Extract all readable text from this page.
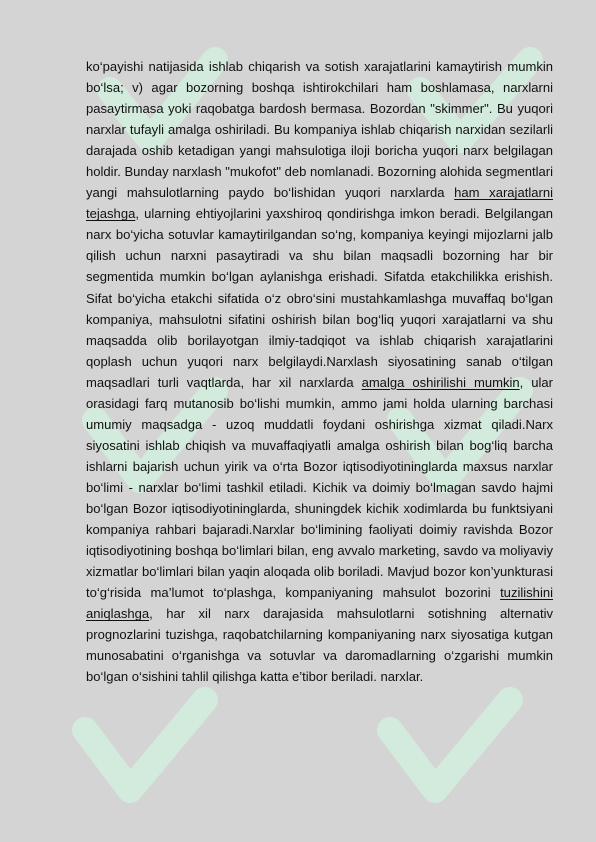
ko‘payishi natijasida ishlab chiqarish va sotish xarajatlarini kamaytirish mumkin bo‘lsa; v) agar bozorning boshqa ishtirokchilari ham boshlamasa, narxlarni pasaytirmasa yoki raqobatga bardosh bermasa. Bozordan "skimmer". Bu yuqori narxlar tufayli amalga oshiriladi. Bu kompaniya ishlab chiqarish narxidan sezilarli darajada oshib ketadigan yangi mahsulotiga iloji boricha yuqori narx belgilagan holdir. Bunday narxlash "mukofot" deb nomlanadi. Bozorning alohida segmentlari yangi mahsulotlarning paydo bo‘lishidan yuqori narxlarda ham xarajatlarni tejashga, ularning ehtiyojlarini yaxshiroq qondirishga imkon beradi. Belgilangan narx bo‘yicha sotuvlar kamaytirilgandan so‘ng, kompaniya keyingi mijozlarni jalb qilish uchun narxni pasaytiradi va shu bilan maqsadli bozorning har bir segmentida mumkin bo‘lgan aylanishga erishadi. Sifatda etakchilikka erishish. Sifat bo‘yicha etakchi sifatida o‘z obro‘sini mustahkamlashga muvaffaq bo‘lgan kompaniya, mahsulotni sifatini oshirish bilan bog‘liq yuqori xarajatlarni va shu maqsadda olib borilayotgan ilmiy-tadqiqot va ishlab chiqarish xarajatlarini qoplash uchun yuqori narx belgilaydi.Narxlash siyosatining sanab o‘tilgan maqsadlari turli vaqtlarda, har xil narxlarda amalga oshirilishi mumkin, ular orasidagi farq mutanosib bo‘lishi mumkin, ammo jami holda ularning barchasi umumiy maqsadga - uzoq muddatli foydani oshirishga xizmat qiladi.Narx siyosatini ishlab chiqish va muvaffaqiyatli amalga oshirish bilan bog‘liq barcha ishlarni bajarish uchun yirik va o‘rta Bozor iqtisodiyotininglarda maxsus narxlar bo‘limi - narxlar bo‘limi tashkil etiladi. Kichik va doimiy bo‘lmagan savdo hajmi bo‘lgan Bozor iqtisodiyotininglarda, shuningdek kichik xodimlarda bu funktsiyani kompaniya rahbari bajaradi.Narxlar bo‘limining faoliyati doimiy ravishda Bozor iqtisodiyotining boshqa bo‘limlari bilan, eng avvalo marketing, savdo va moliyaviy xizmatlar bo‘limlari bilan yaqin aloqada olib boriladi. Mavjud bozor kon’yunkturasi to‘g‘risida ma’lumot to‘plashga, kompaniyaning mahsulot bozorini tuzilishini aniqlashga, har xil narx darajasida mahsulotlarni sotishning alternativ prognozlarini tuzishga, raqobatchilarning kompaniyaning narx siyosatiga kutgan munosabatini o‘rganishga va sotuvlar va daromadlarning o‘zgarishi mumkin bo‘lgan o‘sishini tahlil qilishga katta e’tibor beriladi. narxlar.
